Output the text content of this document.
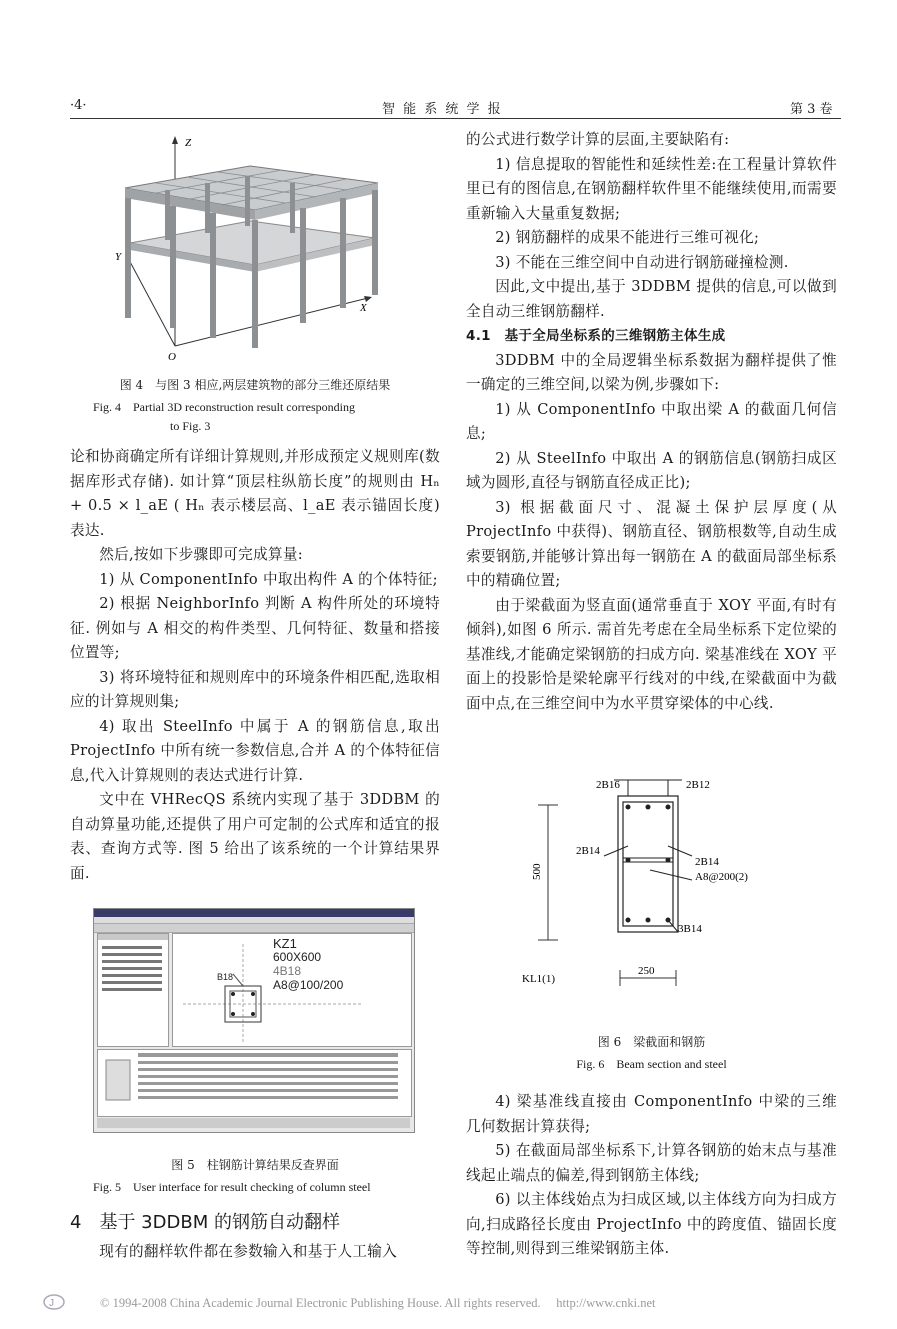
·4·	智 能 系 统 学 报	第 3 卷
Z
Y
X
O
图 4　与图 3 相应,两层建筑物的部分三维还原结果
Fig. 4　Partial 3D reconstruction result corresponding
to Fig. 3

论和协商确定所有详细计算规则,并形成预定义规则库(数据库形式存储). 如计算“顶层柱纵筋长度”的规则由 Hₙ + 0.5 × l_aE ( Hₙ 表示楼层高、l_aE 表示锚固长度) 表达.

然后,按如下步骤即可完成算量:

1) 从 ComponentInfo 中取出构件 A 的个体特征;

2) 根据 NeighborInfo 判断 A 构件所处的环境特征. 例如与 A 相交的构件类型、几何特征、数量和搭接位置等;

3) 将环境特征和规则库中的环境条件相匹配,选取相应的计算规则集;

4) 取出 SteelInfo 中属于 A 的钢筋信息,取出 ProjectInfo 中所有统一参数信息,合并 A 的个体特征信息,代入计算规则的表达式进行计算.

文中在 VHRecQS 系统内实现了基于 3DDBM 的自动算量功能,还提供了用户可定制的公式库和适宜的报表、查询方式等. 图 5 给出了该系统的一个计算结果界面.

KZ1
600X600
4B18
A8@100/200
B18
图 5　柱钢筋计算结果反查界面
Fig. 5　User interface for result checking of column steel
4　基于 3DDBM 的钢筋自动翻样

现有的翻样软件都在参数输入和基于人工输入

的公式进行数学计算的层面,主要缺陷有:

1) 信息提取的智能性和延续性差:在工程量计算软件里已有的图信息,在钢筋翻样软件里不能继续使用,而需要重新输入大量重复数据;

2) 钢筋翻样的成果不能进行三维可视化;

3) 不能在三维空间中自动进行钢筋碰撞检测.

因此,文中提出,基于 3DDBM 提供的信息,可以做到全自动三维钢筋翻样.

4.1　基于全局坐标系的三维钢筋主体生成

3DDBM 中的全局逻辑坐标系数据为翻样提供了惟一确定的三维空间,以梁为例,步骤如下:

1) 从 ComponentInfo 中取出梁 A 的截面几何信息;

2) 从 SteelInfo 中取出 A 的钢筋信息(钢筋扫成区域为圆形,直径与钢筋直径成正比);

3) 根据截面尺寸、混凝土保护层厚度(从 ProjectInfo 中获得)、钢筋直径、钢筋根数等,自动生成索要钢筋,并能够计算出每一钢筋在 A 的截面局部坐标系中的精确位置;

由于梁截面为竖直面(通常垂直于 XOY 平面,有时有倾斜),如图 6 所示. 需首先考虑在全局坐标系下定位梁的基准线,才能确定梁钢筋的扫成方向. 梁基准线在 XOY 平面上的投影恰是梁轮廓平行线对的中线,在梁截面中为截面中点,在三维空间中为水平贯穿梁体的中心线.

2B16	2B12
2B14
2B14
A8@200(2)
3B14
500
250
KL1(1)
图 6　梁截面和钢筋
Fig. 6　Beam section and steel

4) 梁基准线直接由 ComponentInfo 中梁的三维几何数据计算获得;

5) 在截面局部坐标系下,计算各钢筋的始末点与基准线起止端点的偏差,得到钢筋主体线;

6) 以主体线始点为扫成区域,以主体线方向为扫成方向,扫成路径长度由 ProjectInfo 中的跨度值、锚固长度等控制,则得到三维梁钢筋主体.

J	© 1994-2008 China Academic Journal Electronic Publishing House. All rights reserved.　 http://www.cnki.net
